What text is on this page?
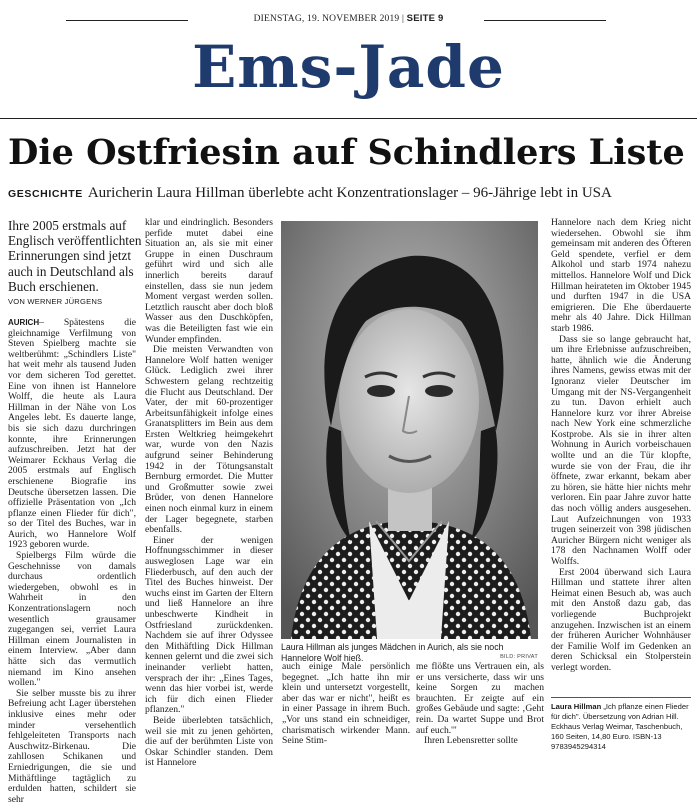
DIENSTAG, 19. NOVEMBER 2019 | SEITE 9
Ems-Jade
Die Ostfriesin auf Schindlers Liste
GESCHICHTE Auricherin Laura Hillman überlebte acht Konzentrationslager – 96-Jährige lebt in USA
Ihre 2005 erstmals auf Englisch veröffentlichten Erinnerungen sind jetzt auch in Deutschland als Buch erschienen.
VON WERNER JÜRGENS

AURICH– Spätestens die gleichnamige Verfilmung von Steven Spielberg machte sie weltberühmt: „Schindlers Liste" hat weit mehr als tausend Juden vor dem sicheren Tod gerettet. Eine von ihnen ist Hannelore Wolff, die heute als Laura Hillman in der Nähe von Los Angeles lebt. Es dauerte lange, bis sie sich dazu durchringen konnte, ihre Erinnerungen aufzuschreiben. Jetzt hat der Weimarer Eckhaus Verlag die 2005 erstmals auf Englisch erschienene Biografie ins Deutsche übersetzen lassen. Die offizielle Präsentation von „Ich pflanze einen Flieder für dich", so der Titel des Buches, war in Aurich, wo Hannelore Wolf 1923 geboren wurde.

Spielbergs Film würde die Geschehnisse von damals durchaus ordentlich wiedergeben, obwohl es in Wahrheit in den Konzentrationslagern noch wesentlich grausamer zugegangen sei, verriet Laura Hillman einem Journalisten in einem Interview. „Aber dann hätte sich das vermutlich niemand im Kino ansehen wollen."

Sie selber musste bis zu ihrer Befreiung acht Lager überstehen inklusive eines mehr oder minder versehentlich fehlgeleiteten Transports nach Auschwitz-Birkenau. Die zahllosen Schikanen und Erniedrigungen, die sie und Mithäftlinge tagtäglich zu erdulden hatten, schildert sie sehr

klar und eindringlich. Besonders perfide mutet dabei eine Situation an, als sie mit einer Gruppe in einen Duschraum geführt wird und sich alle innerlich bereits darauf einstellen, dass sie nun jedem Moment vergast werden sollen. Letztlich rauscht aber doch bloß Wasser aus den Duschköpfen, was die Beteiligten fast wie ein Wunder empfinden.

Die meisten Verwandten von Hannelore Wolf hatten weniger Glück. Lediglich zwei ihrer Schwestern gelang rechtzeitig die Flucht aus Deutschland. Der Vater, der mit 60-prozentiger Arbeitsunfähigkeit infolge eines Granatsplitters im Bein aus dem Ersten Weltkrieg heimgekehrt war, wurde von den Nazis aufgrund seiner Behinderung 1942 in der Tötungsanstalt Bernburg ermordet. Die Mutter und Großmutter sowie zwei Brüder, von denen Hannelore einen noch einmal kurz in einem der Lager begegnete, starben ebenfalls.

Einer der wenigen Hoffnungsschimmer in dieser ausweglosen Lage war ein Fliederbusch, auf den auch der Titel des Buches hinweist. Der wuchs einst im Garten der Eltern und ließ Hannelore an ihre unbeschwerte Kindheit in Ostfriesland zurückdenken. Nachdem sie auf ihrer Odyssee den Mithäftling Dick Hillman kennen gelernt und die zwei sich ineinander verliebt hatten, versprach der ihr: „Eines Tages, wenn das hier vorbei ist, werde ich für dich einen Flieder pflanzen."

Beide überlebten tatsächlich, weil sie mit zu jenen gehörten, die auf der berühmten Liste von Oskar Schindler standen. Dem ist Hannelore

Laura Hillman als junges Mädchen in Aurich, als sie noch Hannelore Wolf hieß.	BILD: PRIVAT

auch einige Male persönlich begegnet. „Ich hatte ihn mir klein und untersetzt vorgestellt, aber das war er nicht", heißt es in einer Passage in ihrem Buch. „Vor uns stand ein schneidiger, charismatisch wirkender Mann. Seine Stim-

me flößte uns Vertrauen ein, als er uns versicherte, dass wir uns keine Sorgen zu machen brauchten. Er zeigte auf ein großes Gebäude und sagte: ‚Geht rein. Da wartet Suppe und Brot auf euch.'"

Ihren Lebensretter sollte

Hannelore nach dem Krieg nicht wiedersehen. Obwohl sie ihm gemeinsam mit anderen des Öfteren Geld spendete, verfiel er dem Alkohol und starb 1974 nahezu mittellos. Hannelore Wolf und Dick Hillman heirateten im Oktober 1945 und durften 1947 in die USA emigrieren. Die Ehe überdauerte mehr als 40 Jahre. Dick Hillman starb 1986.

Dass sie so lange gebraucht hat, um ihre Erlebnisse aufzuschreiben, hatte, ähnlich wie die Änderung ihres Namens, gewiss etwas mit der Ignoranz vieler Deutscher im Umgang mit der NS-Vergangenheit zu tun. Davon erhielt auch Hannelore kurz vor ihrer Abreise nach New York eine schmerzliche Kostprobe. Als sie in ihrer alten Wohnung in Aurich vorbeischauen wollte und an die Tür klopfte, wurde sie von der Frau, die ihr öffnete, zwar erkannt, bekam aber zu hören, sie hätte hier nichts mehr verloren. Ein paar Jahre zuvor hatte das noch völlig anders ausgesehen. Laut Aufzeichnungen von 1933 trugen seinerzeit von 398 jüdischen Auricher Bürgern nicht weniger als 178 den Nachnamen Wolff oder Wolffs.

Erst 2004 überwand sich Laura Hillman und stattete ihrer alten Heimat einen Besuch ab, was auch mit den Anstoß dazu gab, das vorliegende Buchprojekt anzugehen. Inzwischen ist an einem der früheren Auricher Wohnhäuser der Familie Wolf im Gedenken an deren Schicksal ein Stolperstein verlegt worden.

Laura Hillman „Ich pflanze einen Flieder für dich". Übersetzung von Adrian Hill. Eckhaus Verlag Weimar, Taschenbuch, 160 Seiten, 14,80 Euro. ISBN-13 9783945294314
